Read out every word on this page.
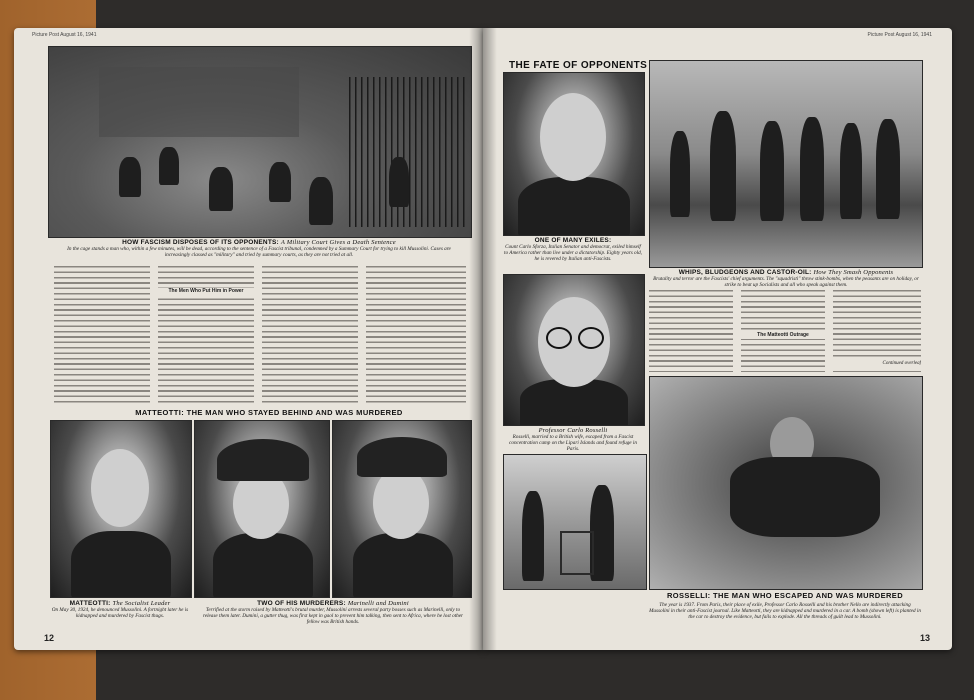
Picture Post August 16, 1941
HOW FASCISM DISPOSES OF ITS OPPONENTS: A Military Court Gives a Death Sentence
In the cage stands a man who, within a few minutes, will be dead, according to the sentence of a Fascist tribunal, condemned by a Summary Court for trying to kill Mussolini. Cases are increasingly classed as "military" and tried by summary courts, as they are not tried at all.
The Men Who Put Him in Power
MATTEOTTI: THE MAN WHO STAYED BEHIND AND WAS MURDERED
MATTEOTTI: The Socialist Leader
On May 30, 1924, he denounced Mussolini. A fortnight later he is kidnapped and murdered by Fascist thugs.
TWO OF HIS MURDERERS: Marinelli and Dumini
Terrified at the storm raised by Matteotti's brutal murder, Mussolini arrests several party bosses such as Marinelli, only to release them later. Dumini, a gutter thug, was first kept in gaol to prevent him talking, then sent to Africa, where he lost other fellow was British hands.
12
Picture Post August 16, 1941
THE FATE OF OPPONENTS
ONE OF MANY EXILES:
Count Carlo Sforza, Italian Senator and democrat, exiled himself to America rather than live under a dictatorship. Eighty years old, he is revered by Italian anti-Fascists.
WHIPS, BLUDGEONS AND CASTOR-OIL: How They Smash Opponents
Brutality and terror are the Fascists' chief arguments. The "squadristi" throw stink-bombs, when the peasants are on holiday, or strike to beat up Socialists and all who speak against them.
Professor Carlo Rosselli
Rosselli, married to a British wife, escaped from a Fascist concentration camp on the Lipari Islands and found refuge in Paris.
The Matteotti Outrage
Continued overleaf
ROSSELLI: THE MAN WHO ESCAPED AND WAS MURDERED
The year is 1937. From Paris, their place of exile, Professor Carlo Rosselli and his brother Nello are indirectly attacking Mussolini in their anti-Fascist journal. Like Matteotti, they are kidnapped and murdered in a car. A bomb (shown left) is planted in the car to destroy the evidence, but fails to explode. All the threads of guilt lead to Mussolini.
13
